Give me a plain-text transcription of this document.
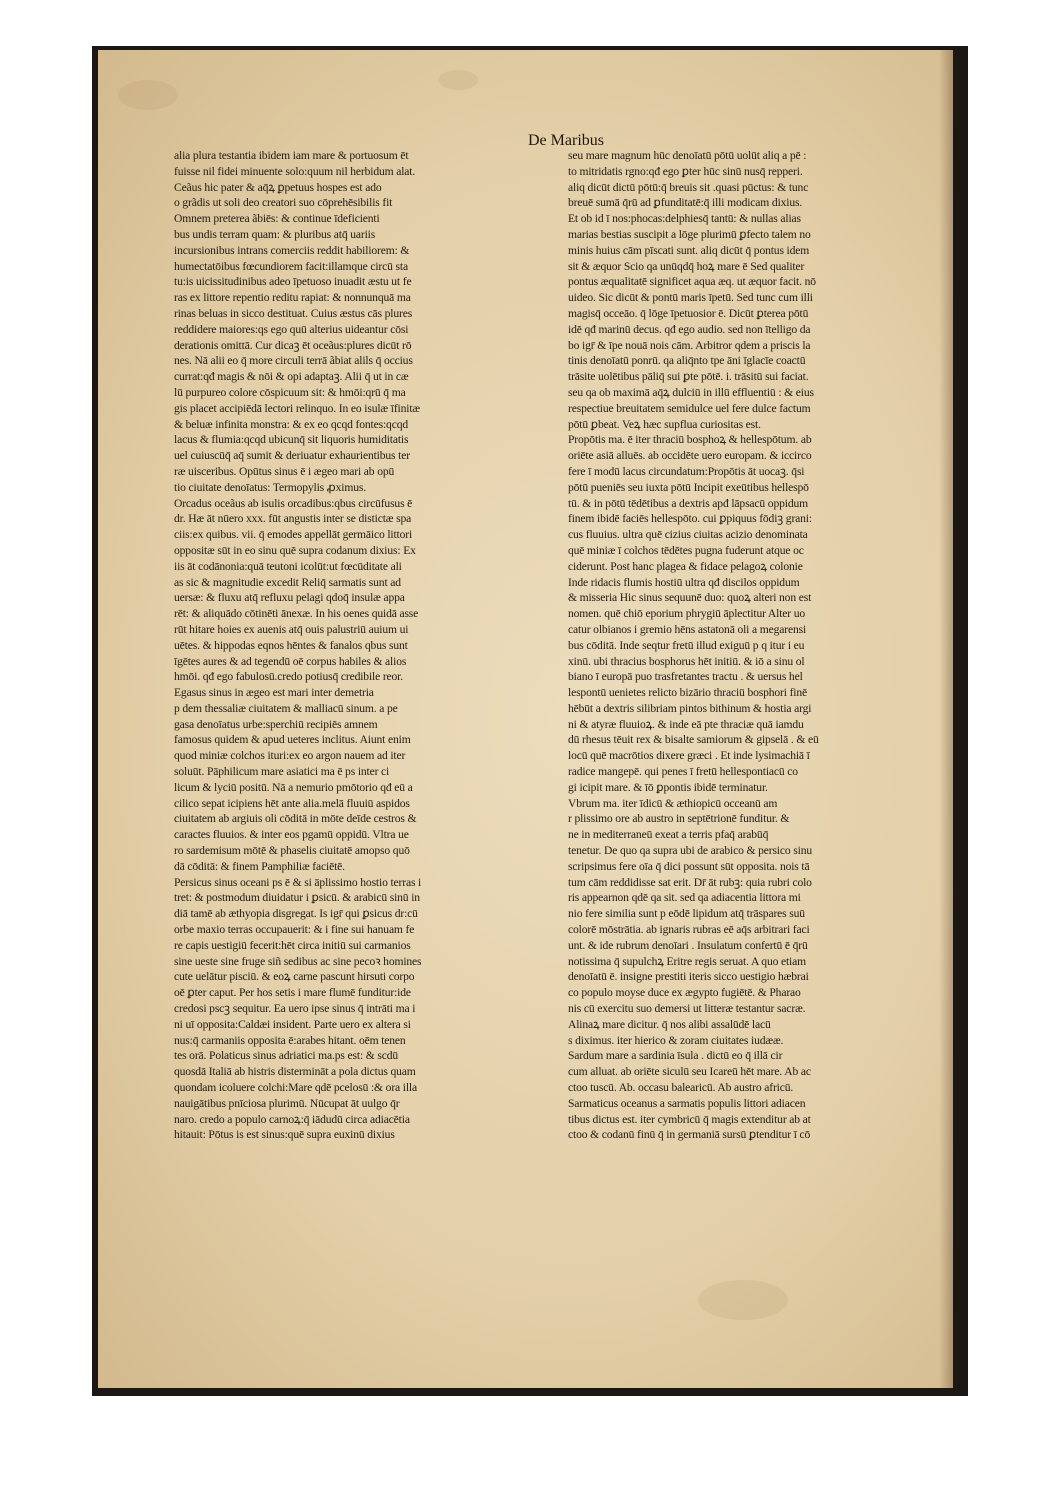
De Maribus
alia plura testantia ibidem iam mare & portuosum ēt
fuisse nil fidei minuente solo:quum nil herbidum alat.
Ceãus hic pater & aq̄ꝝ ꝑpetuus hospes est ado
o grãdis ut soli deo creatori suo cōprehēsibilis fit
Omnem preterea ãbiēs: & continue īdeficienti
bus undis terram quam: & pluribus atq̄ uariis
incursionibus intrans comerciis reddit habiliorem: &
humectatōibus fœcundiorem facit:illamque circū sta
tu:is uicissitudinibus adeo īpetuoso inuadit æstu ut fe
ras ex littore repentio reditu rapiat: & nonnunquā ma
rinas beluas in sicco destituat. Cuius æstus cās plures
reddidere maiores:qs ego quū alterius uideantur cōsi
derationis omittā. Cur dicaꝫ ēt oceãus:plures dicūt rō
nes. Nā alii eo q̄ more circuli terrā ãbiat alils q̄ occius
currat:qđ magis & nōi & opi adaptaꝫ. Alii q̄ ut in cæ
lū purpureo colore cōspicuum sit: & hmōi:qrū q̄ ma
gis placet accipiēdā lectori relinquo. In eo isulæ īfinitæ
& beluæ infinita monstra: & ex eo qcqd fontes:qcqd
lacus & flumia:qcqd ubicunq̄ sit liquoris humiditatis
uel cuiuscūq̄ aq̄ sumit & deriuatur exhaurientibus ter
ræ uisceribus. Opūtus sinus ē i ægeo mari ab opū
tio ciuitate denoīatus: Termopylis ꝓximus.
Orcadus oceãus ab isulis orcadibus:qbus circūfusus ē
dr. Hæ āt nūero xxx. fūt angustis inter se distictæ spa
ciis:ex quibus. vii. q̄ emodes appellāt germāico littori
oppositæ sūt in eo sinu quē supra codanum dixius: Ex
iis āt codānonia:quā teutoni icolūt:ut fœcūditate ali
as sic & magnitudie excedit Reliq̄ sarmatis sunt ad
uersæ: & fluxu atq̄ refluxu pelagi qdoq̄ insulæ appa
rēt: & aliquādo cōtinēti ānexæ. In his oenes quidā asse
rūt hitare hoies ex auenis atq̄ ouis palustriū auium ui
uētes. & hippodas eqnos hēntes & fanalos qbus sunt
īgētes aures & ad tegendū oē corpus habiles & alios
hmōi. qđ ego fabulosū.credo potiusq̄ credibile reor.
Egasus sinus in ægeo est mari inter demetria
p dem thessaliæ ciuitatem & malliacū sinum. a pe
gasa denoīatus urbe:sperchiū recipiēs amnem
famosus quidem & apud ueteres inclitus. Aiunt enim
quod miniæ colchos ituri:ex eo argon nauem ad iter
soluūt. Pāphilicum mare asiatici ma ē ps inter ci
licum & lyciū positū. Nā a nemurio pmōtorio qđ eū a
cilico sepat icipiens hēt ante alia.melā fluuiū aspidos
ciuitatem ab argiuis oli cōditā in mōte deīde cestros &
caractes fluuios. & inter eos pgamū oppidū. Vltra ue
ro sardemisum mōtē & phaselis ciuitatē amopso quō
dā cōditā: & finem Pamphiliæ faciētē.
Persicus sinus oceani ps ē & si āplissimo hostio terras i
tret: & postmodum diuidatur i ꝑsicū. & arabicū sinū in
diā tamē ab æthyopia disgregat. Is igr̄ qui ꝑsicus dr:cū
orbe maxio terras occupauerit: & i fine sui hanuam fe
re capis uestigiū fecerit:hēt circa initiū sui carmanios
sine ueste sine fruge siñ sedibus ac sine pecoꝛ homines
cute uelātur pisciū. & eoꝝ carne pascunt hirsuti corpo
oē ꝑter caput. Per hos setis i mare flumē funditur:ide
credosi pscꝫ sequitur. Ea uero ipse sinus q̄ intrāti ma i
ni uī opposita:Caldæi insident. Parte uero ex altera si
nus:q̄ carmaniis opposita ē:arabes hitant. oēm tenen
tes orā. Polaticus sinus adriatici ma.ps est: & scdū
quosdā Italiā ab histris distermināt a pola dictus quam
quondam icoluere colchi:Mare qdē pcelosū :& ora illa
nauigātibus pnīciosa plurimū. Nūcupat āt uulgo q̄r
naro. credo a populo carnoꝝ:q̄ iādudū circa adiacētia
hitauit: Pōtus is est sinus:quē supra euxinū dixius
seu mare magnum hūc denoīatū pōtū uolūt aliq a pē :
to mitridatis rgno:qđ ego ꝑter hūc sinū nusq̄ repperi.
aliq dicūt dictū pōtū:q̄ breuis sit .quasi pūctus: & tunc
breuē sumā q̄rū ad ꝑfunditatē:q̄ illi modicam dixius.
Et ob id ī nos:phocas:delphiesq̄ tantū: & nullas alias
marias bestias suscipit a lōge plurimū ꝑfecto talem no
minis huius cām pīscati sunt. aliq dicūt q̄ pontus idem
sit & æquor Scio qa unūqdq̄ hoꝝ mare ē Sed qualiter
pontus æqualitatē significet aqua æq. ut æquor facit. nō
uideo. Sic dicūt & pontū maris īpetū. Sed tunc cum illi
magisq̄ occeāo. q̄ lōge īpetuosior ē. Dicūt ꝑterea pōtū
idē qđ marinū decus. qđ ego audio. sed non ītelligo da
bo igr̄ & īpe nouā nois cām. Arbitror qdem a priscis la
tinis denoīatū ponrū. qa aliq̄nto tpe āni īglacīe coactū
trāsite uolētibus pāliq̄ sui ꝑte pōtē. i. trāsitū sui faciat.
seu qa ob maximā aq̄ꝝ dulciū in illū effluentiū : & eius
respectiue breuitatem semidulce uel fere dulce factum
pōtū ꝑbeat. Veꝝ hæc supflua curiositas est.
Propōtis ma. ē iter thraciū bosphoꝝ & hellespōtum. ab
oriēte asiā alluēs. ab occidēte uero europam. & iccirco
fere ī modū lacus circundatum:Propōtis āt uocaꝫ. q̄si
pōtū pueniēs seu iuxta pōtū Incipit exeūtibus hellespō
tū. & in pōtū tēdētibus a dextris apđ lāpsacū oppidum
finem ibidē faciēs hellespōto. cui ꝑpiquus fōdiꝫ grani:
cus fluuius. ultra quē cizius ciuitas acizio denominata
quē miniæ ī colchos tēdētes pugna fuderunt atque oc
ciderunt. Post hanc plagea & fidace pelagoꝝ colonie
Inde ridacis flumis hostiū ultra qđ discilos oppidum
& misseria Hic sinus sequunē duo: quoꝝ alteri non est
nomen. quē chiō eporium phrygiū āplectitur Alter uo
catur olbianos i gremio hēns astatonā oli a megarensi
bus cōditā. Inde seqtur fretū illud exiguū p q itur i eu
xinū. ubi thracius bosphorus hēt initiū. & iō a sinu ol
biano ī europā puo trasfretantes tractu . & uersus hel
lespontū uenietes relicto bizārio thraciū bosphori finē
hēbūt a dextris silibriam pintos bithinum & hostia argi
ni & atyræ fluuioꝝ. & inde eā pte thraciæ quā iamdu
dū rhesus tēuit rex & bisalte samiorum & gipselā . & eū
locū quē macrōtios dixere græci . Et inde lysimachiā ī
radice mangepē. qui penes ī fretū hellespontiacū co
gi icipit mare. & īō ꝑpontis ibidē terminatur.
Vbrum ma. iter īdicū & æthiopicū occeanū am
r plissimo ore ab austro in septētrionē funditur. &
ne in mediterraneū exeat a terris pfaq̄ arabūq̄
tenetur. De quo qa supra ubi de arabico & persico sinu
scripsimus fere oīa q̄ dici possunt sūt opposita. nois tā
tum cām reddidisse sat erit. Dr̄ āt rubꝫ: quia rubri colo
ris appearnon qdē qa sit. sed qa adiacentia littora mi
nio fere similia sunt p eōdē lipidum atq̄ trāspares suū
colorē mōstrātia. ab ignaris rubras eē aq̄s arbitrari faci
unt. & ide rubrum denoīari . Insulatum confertū ē q̄rū
notissima q̄ supulchꝝ Eritre regis seruat. A quo etiam
denoīatū ē. insigne prestiti iteris sicco uestigio hæbrai
co populo moyse duce ex ægypto fugiētē. & Pharao
nis cū exercitu suo demersi ut litteræ testantur sacræ.
Alinaꝝ mare dicitur. q̄ nos alibi assalūdē lacū
s diximus. iter hierico & zoram ciuitates iudææ.
Sardum mare a sardinia īsula . dictū eo q̄ illā cir
cum alluat. ab oriēte siculū seu Icareū hēt mare. Ab ac
ctoo tuscū. Ab. occasu balearicū. Ab austro africū.
Sarmaticus oceanus a sarmatis populis littori adiacen
tibus dictus est. iter cymbricū q̄ magis extenditur ab at
ctoo & codanū finū q̄ in germaniā sursū ꝑtenditur ī cō
